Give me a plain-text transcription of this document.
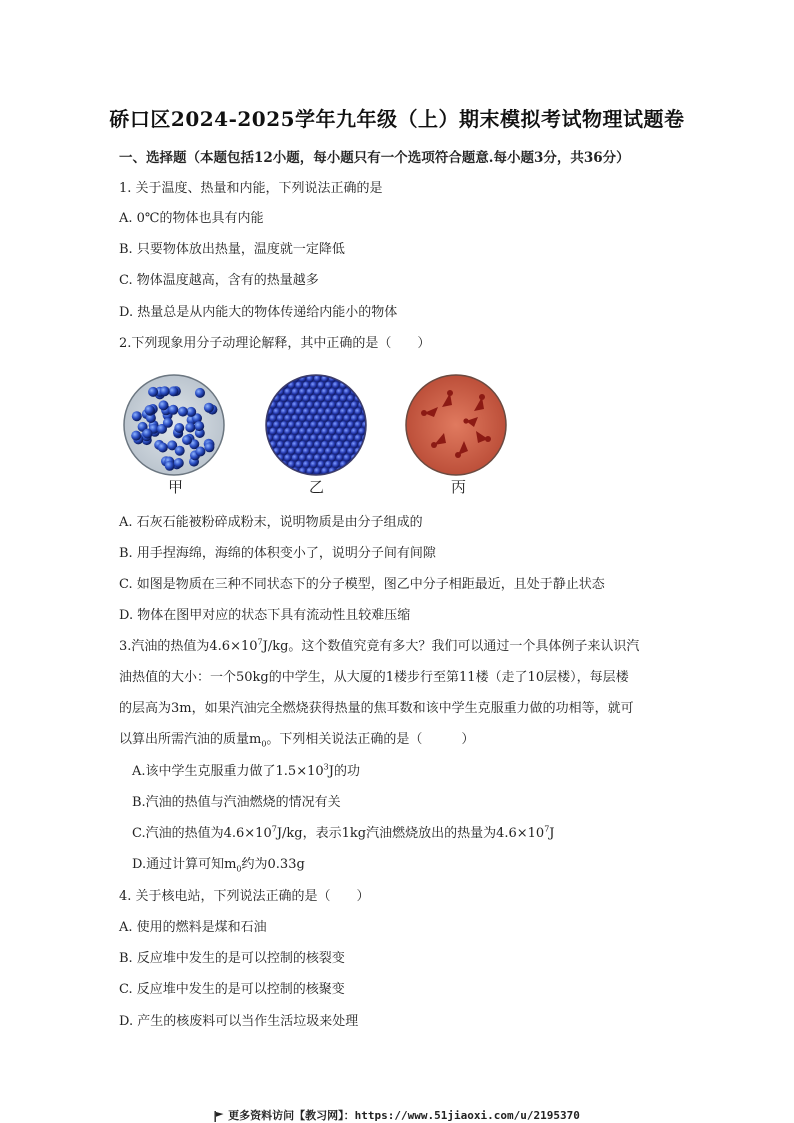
硚口区2024-2025学年九年级（上）期末模拟考试物理试题卷
一、选择题（本题包括12小题，每小题只有一个选项符合题意.每小题3分，共36分）
1. 关于温度、热量和内能，下列说法正确的是
A. 0℃的物体也具有内能
B. 只要物体放出热量，温度就一定降低
C. 物体温度越高，含有的热量越多
D. 热量总是从内能大的物体传递给内能小的物体
2.下列现象用分子动理论解释，其中正确的是（　　）
甲	乙	丙
A. 石灰石能被粉碎成粉末，说明物质是由分子组成的
B. 用手捏海绵，海绵的体积变小了，说明分子间有间隙
C. 如图是物质在三种不同状态下的分子模型，图乙中分子相距最近，且处于静止状态
D. 物体在图甲对应的状态下具有流动性且较难压缩
3.汽油的热值为$4.6\times 10^7J/kg$。这个数值究竟有多大？我们可以通过一个具体例子来认识汽
油热值的大小：一个50kg的中学生，从大厦的1楼步行至第11楼（走了10层楼），每层楼
的层高为3m，如果汽油完全燃烧获得热量的焦耳数和该中学生克服重力做的功相等，就可
以算出所需汽油的质量$m_0$。下列相关说法正确的是（　　　）
A.该中学生克服重力做了$1.5\times 10^3J$的功
B.汽油的热值与汽油燃烧的情况有关
C.汽油的热值为$4.6\times 10^7J/kg$，表示1kg汽油燃烧放出的热量为$4.6\times 10^7J$
D.通过计算可知$m_0$约为0.33g
4. 关于核电站，下列说法正确的是（　　）
A. 使用的燃料是煤和石油
B. 反应堆中发生的是可以控制的核裂变
C. 反应堆中发生的是可以控制的核聚变
D. 产生的核废料可以当作生活垃圾来处理
更多资料访问【教习网】：https://www.51jiaoxi.com/u/2195370
